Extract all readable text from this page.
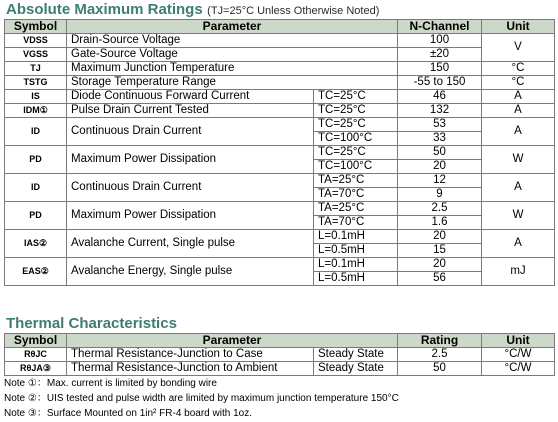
Absolute Maximum Ratings (TJ=25°C Unless Otherwise Noted)
Symbol	Parameter		N-Channel	Unit
VDSS	Drain-Source Voltage		100	V
VGSS	Gate-Source Voltage		±20	
TJ	Maximum Junction Temperature		150	°C
TSTG	Storage Temperature Range		-55 to 150	°C
IS	Diode Continuous Forward Current	TC=25°C	46	A
IDM①	Pulse Drain Current Tested	TC=25°C	132	A
ID	Continuous Drain Current	TC=25°C	53	A
		TC=100°C	33	
PD	Maximum Power Dissipation	TC=25°C	50	W
		TC=100°C	20	
ID	Continuous Drain Current	TA=25°C	12	A
		TA=70°C	9	
PD	Maximum Power Dissipation	TA=25°C	2.5	W
		TA=70°C	1.6	
IAS②	Avalanche Current, Single pulse	L=0.1mH	20	A
		L=0.5mH	15	
EAS②	Avalanche Energy, Single pulse	L=0.1mH	20	mJ
		L=0.5mH	56	
Thermal Characteristics
Symbol	Parameter		Rating	Unit
RθJC	Thermal Resistance-Junction to Case	Steady State	2.5	°C/W
RθJA③	Thermal Resistance-Junction to Ambient	Steady State	50	°C/W
Note ①：Max. current is limited by bonding wire
Note ②：UIS tested and pulse width are limited by maximum junction temperature 150°C
Note ③：Surface Mounted on 1in² FR-4 board with 1oz.
